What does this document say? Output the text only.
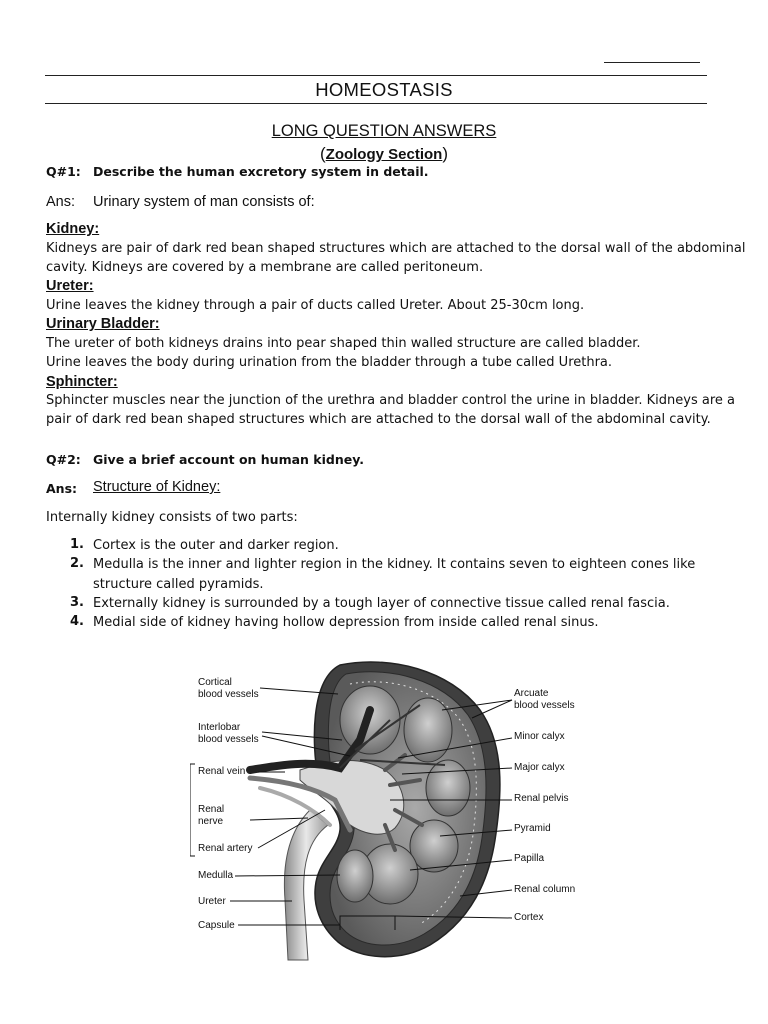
HOMEOSTASIS
LONG QUESTION ANSWERS
(Zoology Section)
Q#1: Describe the human excretory system in detail.
Ans: Urinary system of man consists of:
Kidney:
Kidneys are pair of dark red bean shaped structures which are attached to the dorsal wall of the abdominal
cavity. Kidneys are covered by a membrane are called peritoneum.
Ureter:
Urine leaves the kidney through a pair of ducts called Ureter. About 25-30cm long.
Urinary Bladder:
The ureter of both kidneys drains into pear shaped thin walled structure are called bladder.
Urine leaves the body during urination from the bladder through a tube called Urethra.
Sphincter:
Sphincter muscles near the junction of the urethra and bladder control the urine in bladder. Kidneys are a
pair of dark red bean shaped structures which are attached to the dorsal wall of the abdominal cavity.
Q#2: Give a brief account on human kidney.
Ans: Structure of Kidney:
Internally kidney consists of two parts:
1. Cortex is the outer and darker region.
2. Medulla is the inner and lighter region in the kidney. It contains seven to eighteen cones like
structure called pyramids.
3. Externally kidney is surrounded by a tough layer of connective tissue called renal fascia.
4. Medial side of kidney having hollow depression from inside called renal sinus.
Cortical
blood vessels
Interlobar
blood vessels
Renal vein
Renal
nerve
Renal artery
Medulla
Ureter
Capsule
Arcuate
blood vessels
Minor calyx
Major calyx
Renal pelvis
Pyramid
Papilla
Renal column
Cortex
